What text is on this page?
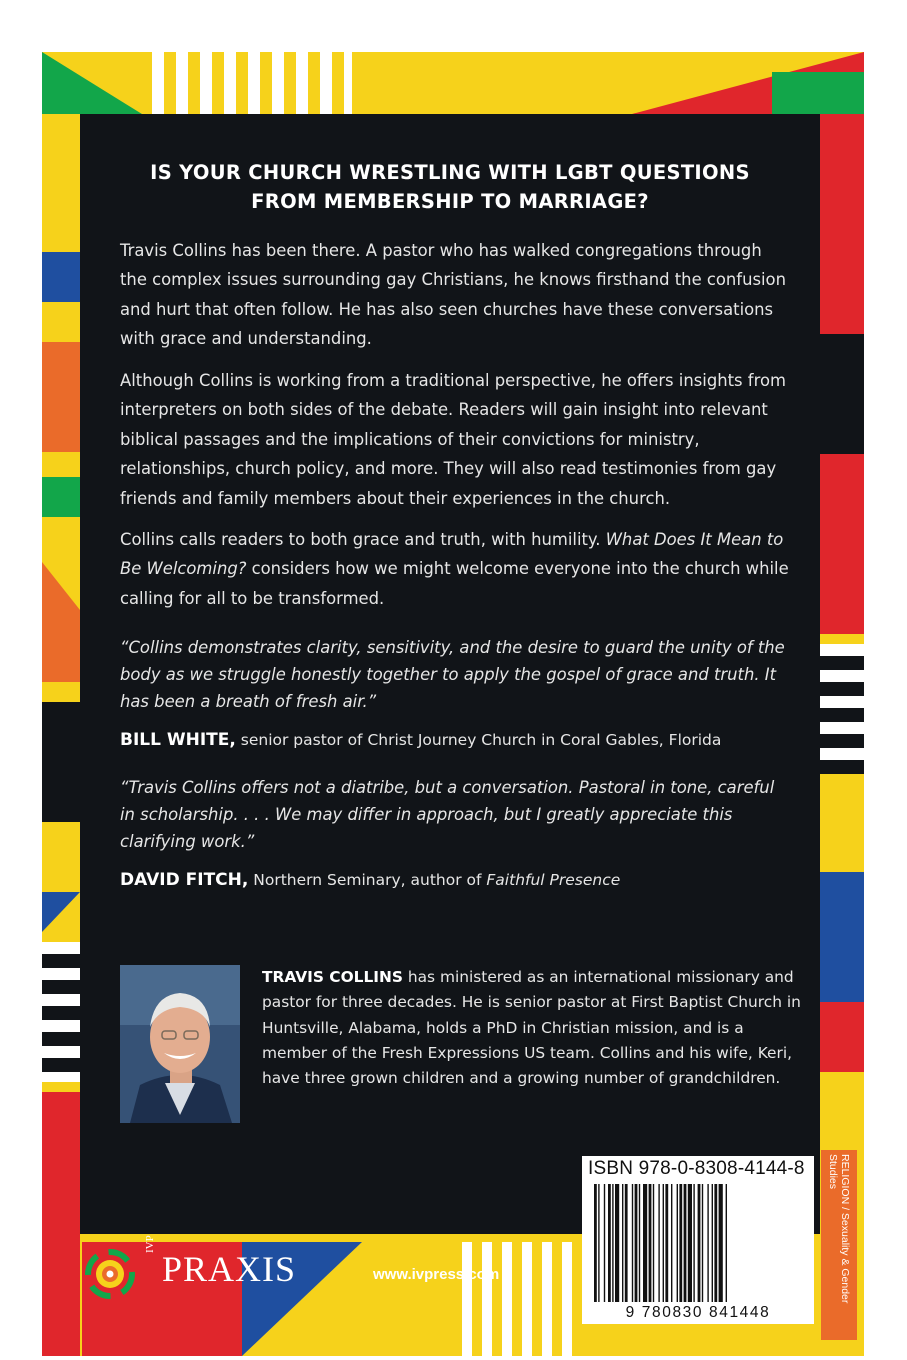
IS YOUR CHURCH WRESTLING WITH LGBT QUESTIONS
FROM MEMBERSHIP TO MARRIAGE?

Travis Collins has been there. A pastor who has walked congregations through the complex issues surrounding gay Christians, he knows firsthand the confusion and hurt that often follow. He has also seen churches have these conversations with grace and understanding.

Although Collins is working from a traditional perspective, he offers insights from interpreters on both sides of the debate. Readers will gain insight into relevant biblical passages and the implications of their convictions for ministry, relationships, church policy, and more. They will also read testimonies from gay friends and family members about their experiences in the church.

Collins calls readers to both grace and truth, with humility. What Does It Mean to Be Welcoming? considers how we might welcome everyone into the church while calling for all to be transformed.

“Collins demonstrates clarity, sensitivity, and the desire to guard the unity of the body as we struggle honestly together to apply the gospel of grace and truth. It has been a breath of fresh air.”

BILL WHITE, senior pastor of Christ Journey Church in Coral Gables, Florida

“Travis Collins offers not a diatribe, but a conversation. Pastoral in tone, careful in scholarship. . . . We may differ in approach, but I greatly appreciate this clarifying work.”

DAVID FITCH, Northern Seminary, author of Faithful Presence
TRAVIS COLLINS has ministered as an international missionary and pastor for three decades. He is senior pastor at First Baptist Church in Huntsville, Alabama, holds a PhD in Christian mission, and is a member of the Fresh Expressions US team. Collins and his wife, Keri, have three grown children and a growing number of grandchildren.
IVP
PRAXIS	www.ivpress.com
ISBN 978-0-8308-4144-8
9 780830 841448
RELIGION / Sexuality & Gender Studies
